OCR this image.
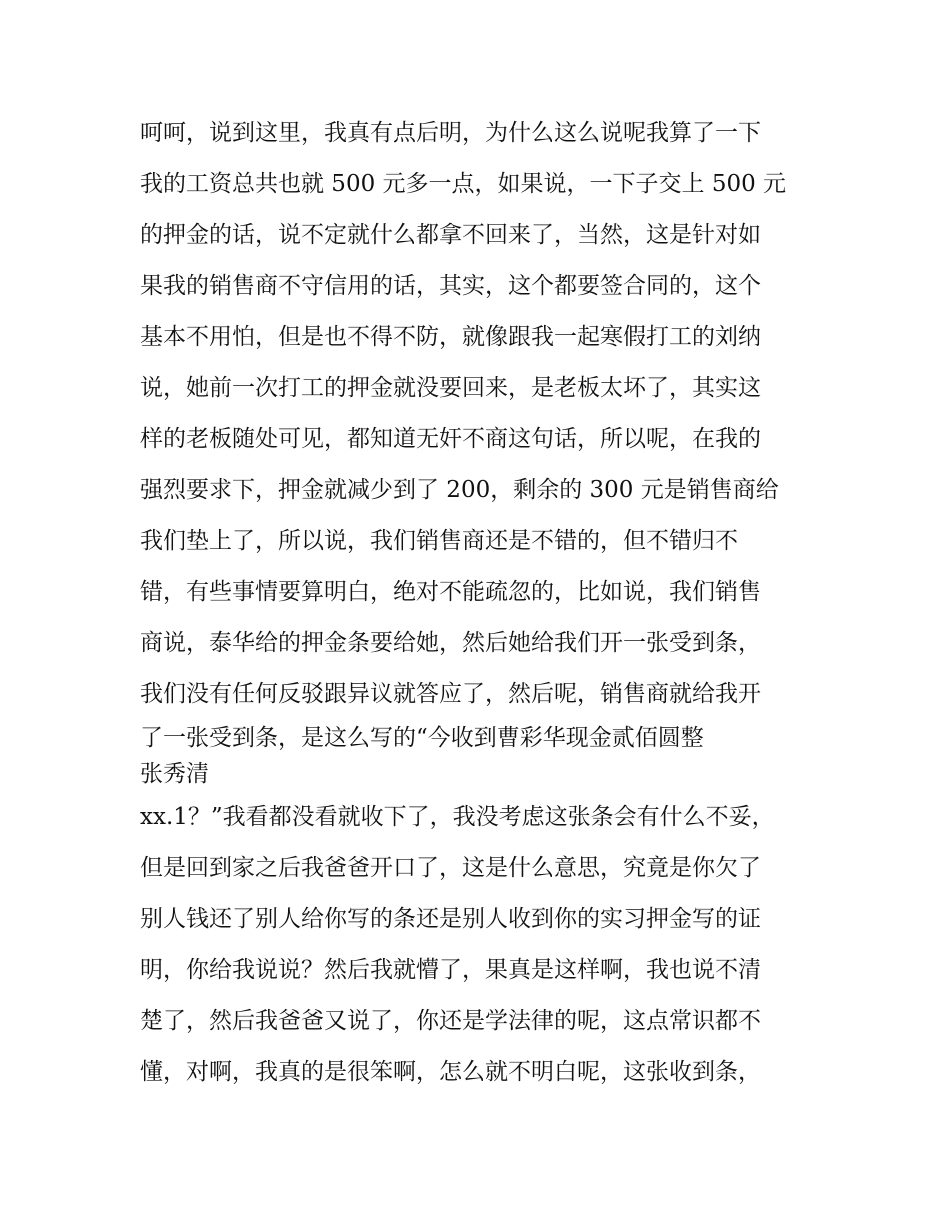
呵呵，说到这里，我真有点后明，为什么这么说呢我算了一下
我的工资总共也就 500 元多一点，如果说，一下子交上 500 元
的押金的话，说不定就什么都拿不回来了，当然，这是针对如
果我的销售商不守信用的话，其实，这个都要签合同的，这个
基本不用怕，但是也不得不防，就像跟我一起寒假打工的刘纳
说，她前一次打工的押金就没要回来，是老板太坏了，其实这
样的老板随处可见，都知道无奸不商这句话，所以呢，在我的
强烈要求下，押金就减少到了 200，剩余的 300 元是销售商给
我们垫上了，所以说，我们销售商还是不错的，但不错归不
错，有些事情要算明白，绝对不能疏忽的，比如说，我们销售
商说，泰华给的押金条要给她，然后她给我们开一张受到条，
我们没有任何反驳跟异议就答应了，然后呢，销售商就给我开
了一张受到条，是这么写的“今收到曹彩华现金贰佰圆整
张秀清
xx.1？”我看都没看就收下了，我没考虑这张条会有什么不妥，
但是回到家之后我爸爸开口了，这是什么意思，究竟是你欠了
别人钱还了别人给你写的条还是别人收到你的实习押金写的证
明，你给我说说？然后我就懵了，果真是这样啊，我也说不清
楚了，然后我爸爸又说了，你还是学法律的呢，这点常识都不
懂，对啊，我真的是很笨啊，怎么就不明白呢，这张收到条，
